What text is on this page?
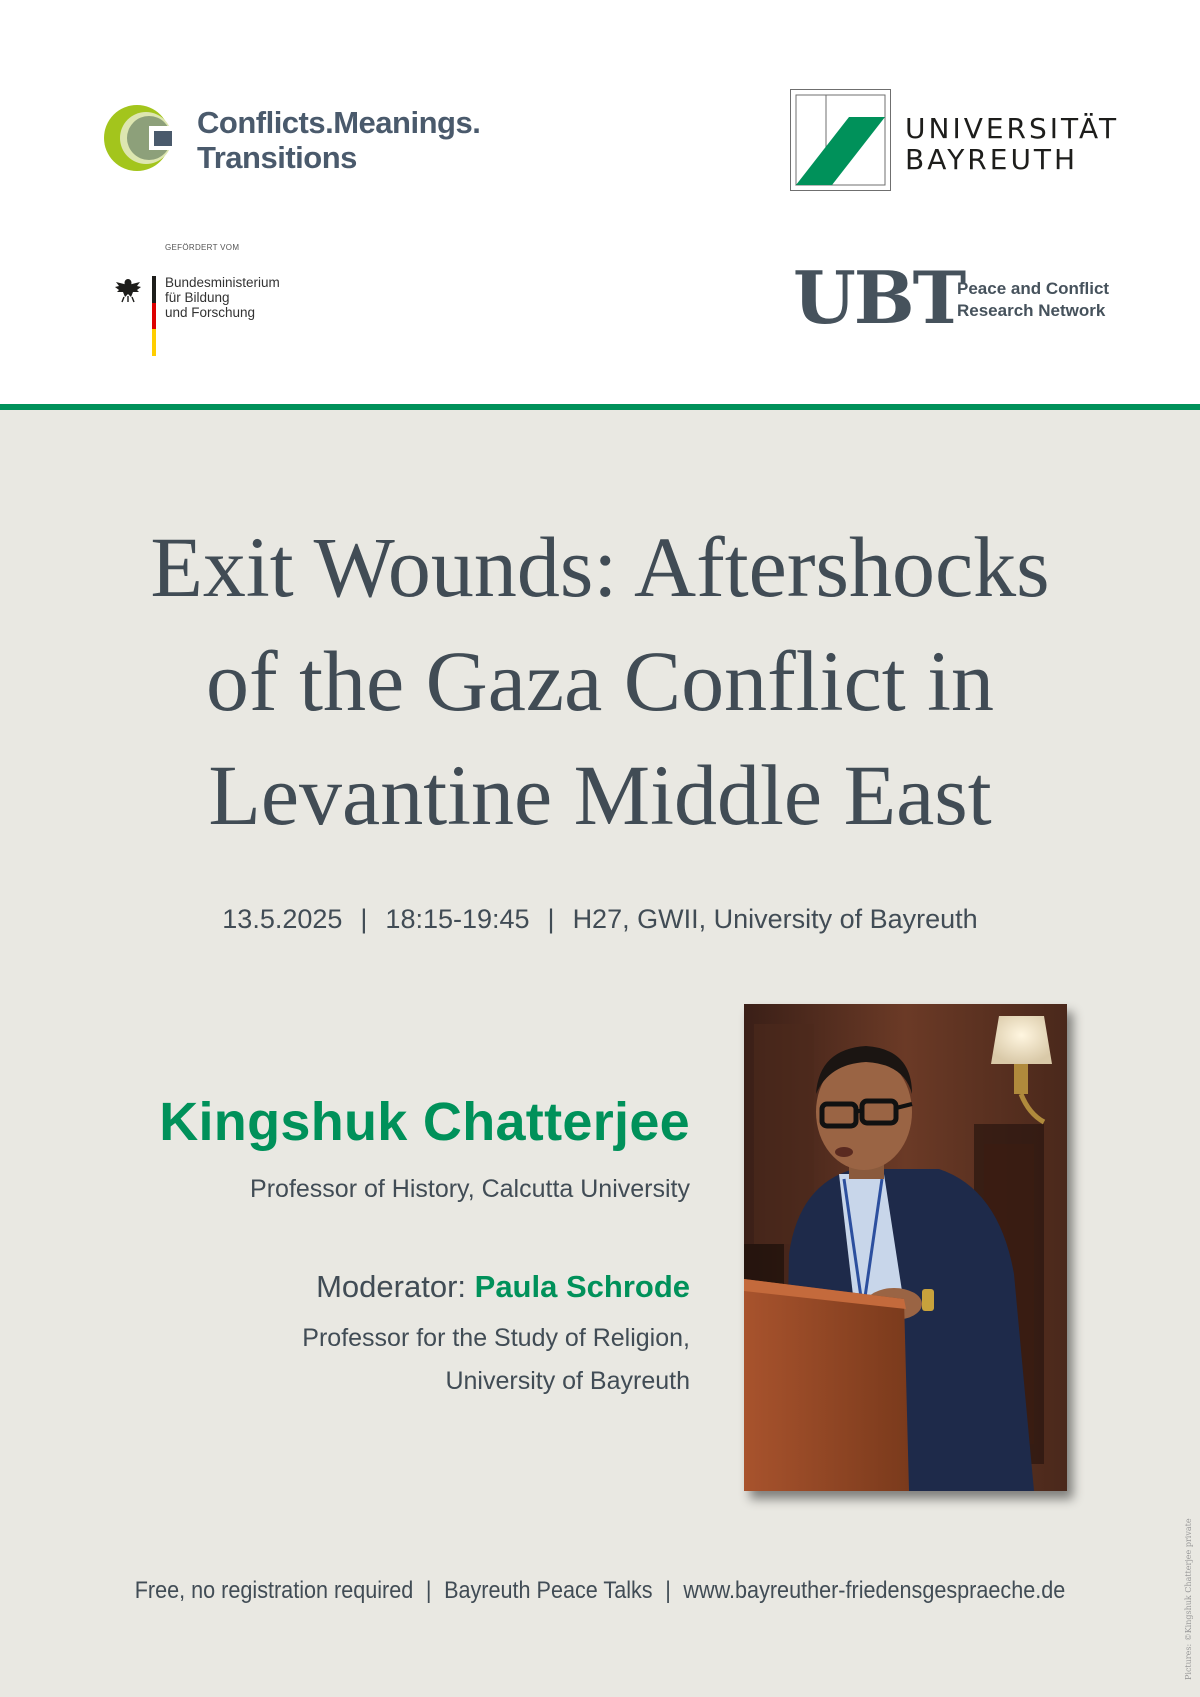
Conflicts.Meanings.
Transitions
GEFÖRDERT VOM
Bundesministerium
für Bildung
und Forschung
UNIVERSITÄT
BAYREUTH
UBT
Peace and Conflict
Research Network
Exit Wounds: Aftershocks
of the Gaza Conflict in
Levantine Middle East
13.5.2025 | 18:15-19:45 | H27, GWII, University of Bayreuth
Kingshuk Chatterjee
Professor of History, Calcutta University
Moderator: Paula Schrode
Professor for the Study of Religion,
University of Bayreuth
Free, no registration required | Bayreuth Peace Talks | www.bayreuther-friedensgespraeche.de	Pictures: ©Kingshuk Chatterjee private
